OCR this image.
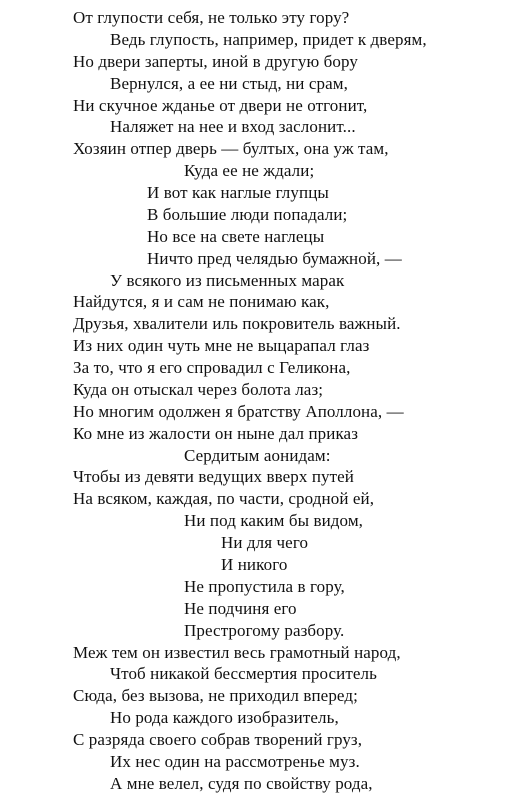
От глупости себя, не только эту гору?
Ведь глупость, например, придет к дверям,
Но двери заперты, иной в другую бору
Вернулся, а ее ни стыд, ни срам,
Ни скучное жданье от двери не отгонит,
Наляжет на нее и вход заслонит...
Хозяин отпер дверь — бултых, она уж там,
Куда ее не ждали;
И вот как наглые глупцы
В большие люди попадали;
Но все на свете наглецы
Ничто пред челядью бумажной, —
У всякого из письменных марак
Найдутся, я и сам не понимаю как,
Друзья, хвалители иль покровитель важный.
Из них один чуть мне не выцарапал глаз
За то, что я его спровадил с Геликона,
Куда он отыскал через болота лаз;
Но многим одолжен я братству Аполлона, —
Ко мне из жалости он ныне дал приказ
Сердитым аонидам:
Чтобы из девяти ведущих вверх путей
На всяком, каждая, по части, сродной ей,
Ни под каким бы видом,
Ни для чего
И никого
Не пропустила в гору,
Не подчиня его
Престрогому разбору.
Меж тем он известил весь грамотный народ,
Чтоб никакой бессмертия проситель
Сюда, без вызова, не приходил вперед;
Но рода каждого изобразитель,
С разряда своего собрав творений груз,
Их нес один на рассмотренье муз.
А мне велел, судя по свойству рода,
